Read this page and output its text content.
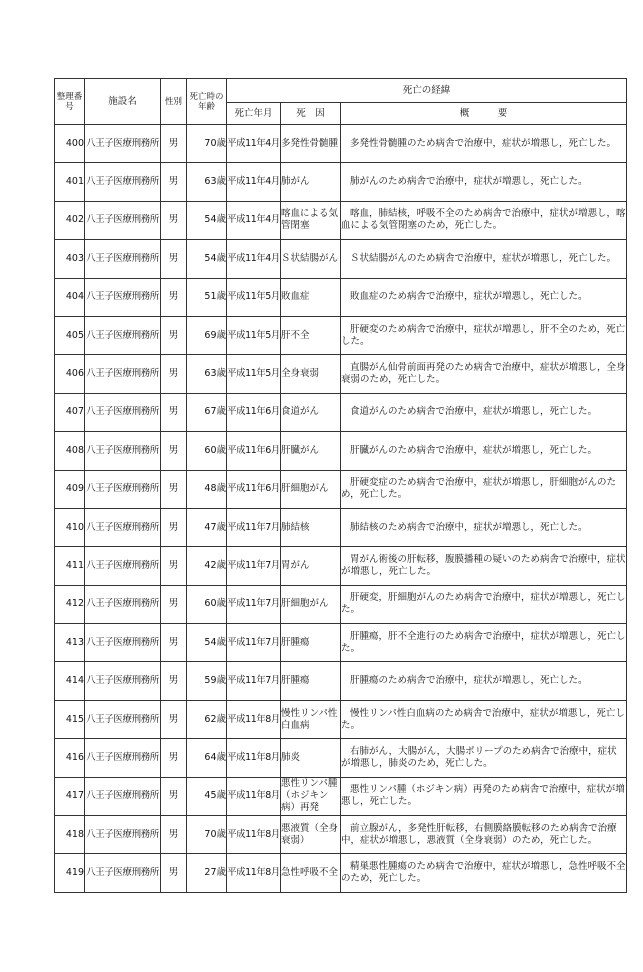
整理番号	施設名	性別	死亡時の年齢	死亡の経緯		
				死亡年月	死　因	概　　　要
400	八王子医療刑務所	男	70歳	平成11年4月	多発性骨髄腫	多発性骨髄腫のため病舎で治療中，症状が増悪し，死亡した。

401	八王子医療刑務所	男	63歳	平成11年4月	肺がん	肺がんのため病舎で治療中，症状が増悪し，死亡した。

402	八王子医療刑務所	男	54歳	平成11年4月	喀血による気管閉塞	喀血，肺結核，呼吸不全のため病舎で治療中，症状が増悪し，喀血による気管閉塞のため，死亡した。

403	八王子医療刑務所	男	54歳	平成11年4月	Ｓ状結腸がん	Ｓ状結腸がんのため病舎で治療中，症状が増悪し，死亡した。

404	八王子医療刑務所	男	51歳	平成11年5月	敗血症	敗血症のため病舎で治療中，症状が増悪し，死亡した。

405	八王子医療刑務所	男	69歳	平成11年5月	肝不全	肝硬変のため病舎で治療中，症状が増悪し，肝不全のため，死亡した。

406	八王子医療刑務所	男	63歳	平成11年5月	全身衰弱	直腸がん仙骨前面再発のため病舎で治療中，症状が増悪し，全身衰弱のため，死亡した。

407	八王子医療刑務所	男	67歳	平成11年6月	食道がん	食道がんのため病舎で治療中，症状が増悪し，死亡した。

408	八王子医療刑務所	男	60歳	平成11年6月	肝臓がん	肝臓がんのため病舎で治療中，症状が増悪し，死亡した。

409	八王子医療刑務所	男	48歳	平成11年6月	肝細胞がん	肝硬変症のため病舎で治療中，症状が増悪し，肝細胞がんのため，死亡した。

410	八王子医療刑務所	男	47歳	平成11年7月	肺結核	肺結核のため病舎で治療中，症状が増悪し，死亡した。

411	八王子医療刑務所	男	42歳	平成11年7月	胃がん	胃がん術後の肝転移，腹膜播種の疑いのため病舎で治療中，症状が増悪し，死亡した。

412	八王子医療刑務所	男	60歳	平成11年7月	肝細胞がん	肝硬変，肝細胞がんのため病舎で治療中，症状が増悪し，死亡した。

413	八王子医療刑務所	男	54歳	平成11年7月	肝腫瘍	肝腫瘍，肝不全進行のため病舎で治療中，症状が増悪し，死亡した。

414	八王子医療刑務所	男	59歳	平成11年7月	肝腫瘍	肝腫瘍のため病舎で治療中，症状が増悪し，死亡した。

415	八王子医療刑務所	男	62歳	平成11年8月	慢性リンパ性白血病	慢性リンパ性白血病のため病舎で治療中，症状が増悪し，死亡した。

416	八王子医療刑務所	男	64歳	平成11年8月	肺炎	右肺がん，大腸がん，大腸ポリープのため病舎で治療中，症状が増悪し，肺炎のため，死亡した。

417	八王子医療刑務所	男	45歳	平成11年8月	悪性リンパ腫（ホジキン病）再発	悪性リンパ腫（ホジキン病）再発のため病舎で治療中，症状が増悪し，死亡した。

418	八王子医療刑務所	男	70歳	平成11年8月	悪液質（全身衰弱）	前立腺がん，多発性肝転移，右側膜絡膜転移のため病舎で治療中，症状が増悪し，悪液質（全身衰弱）のため，死亡した。

419	八王子医療刑務所	男	27歳	平成11年8月	急性呼吸不全	精巣悪性腫瘍のため病舎で治療中，症状が増悪し，急性呼吸不全のため，死亡した。
